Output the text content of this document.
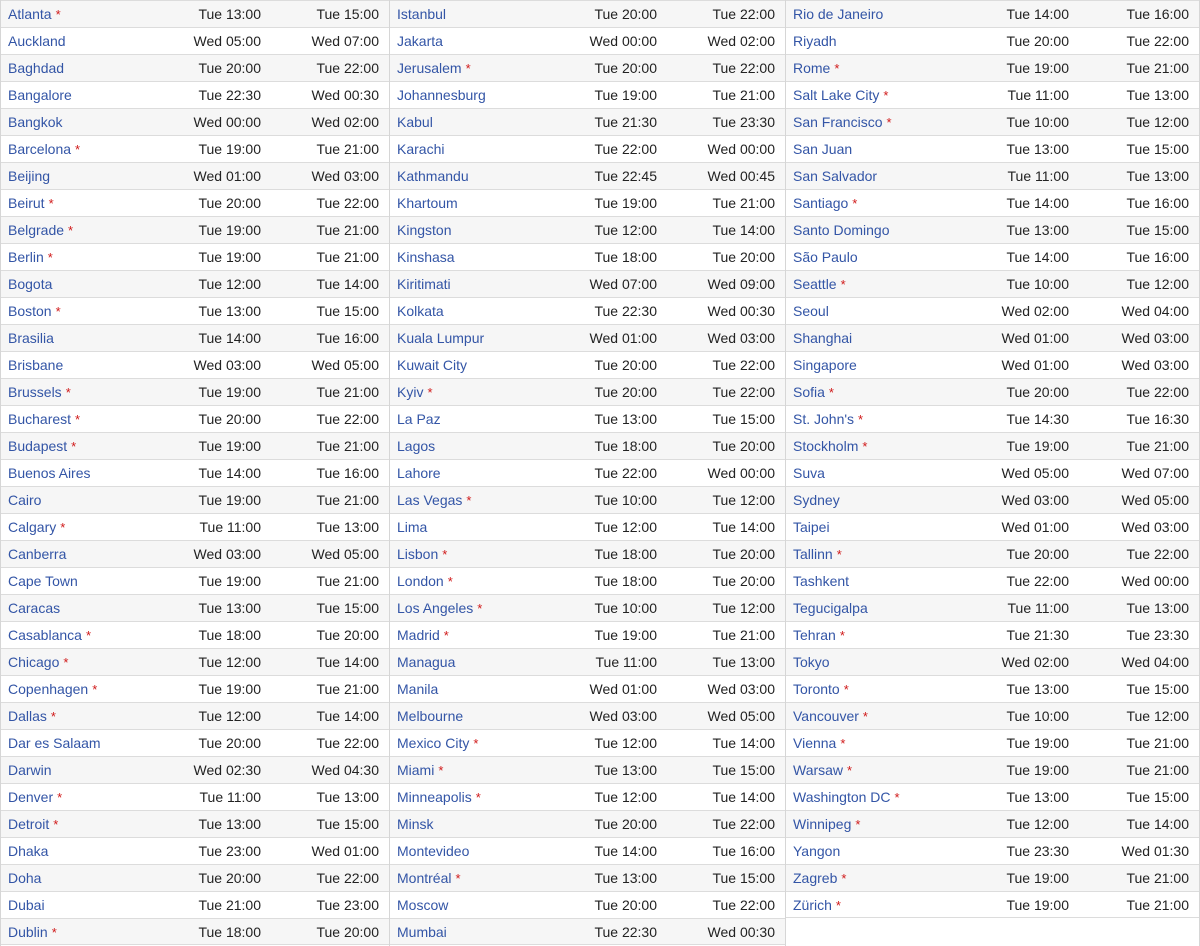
Atlanta *	Tue 13:00	Tue 15:00
Auckland	Wed 05:00	Wed 07:00
Baghdad	Tue 20:00	Tue 22:00
Bangalore	Tue 22:30	Wed 00:30
Bangkok	Wed 00:00	Wed 02:00
Barcelona *	Tue 19:00	Tue 21:00
Beijing	Wed 01:00	Wed 03:00
Beirut *	Tue 20:00	Tue 22:00
Belgrade *	Tue 19:00	Tue 21:00
Berlin *	Tue 19:00	Tue 21:00
Bogota	Tue 12:00	Tue 14:00
Boston *	Tue 13:00	Tue 15:00
Brasilia	Tue 14:00	Tue 16:00
Brisbane	Wed 03:00	Wed 05:00
Brussels *	Tue 19:00	Tue 21:00
Bucharest *	Tue 20:00	Tue 22:00
Budapest *	Tue 19:00	Tue 21:00
Buenos Aires	Tue 14:00	Tue 16:00
Cairo	Tue 19:00	Tue 21:00
Calgary *	Tue 11:00	Tue 13:00
Canberra	Wed 03:00	Wed 05:00
Cape Town	Tue 19:00	Tue 21:00
Caracas	Tue 13:00	Tue 15:00
Casablanca *	Tue 18:00	Tue 20:00
Chicago *	Tue 12:00	Tue 14:00
Copenhagen *	Tue 19:00	Tue 21:00
Dallas *	Tue 12:00	Tue 14:00
Dar es Salaam	Tue 20:00	Tue 22:00
Darwin	Wed 02:30	Wed 04:30
Denver *	Tue 11:00	Tue 13:00
Detroit *	Tue 13:00	Tue 15:00
Dhaka	Tue 23:00	Wed 01:00
Doha	Tue 20:00	Tue 22:00
Dubai	Tue 21:00	Tue 23:00
Dublin *	Tue 18:00	Tue 20:00
Istanbul	Tue 20:00	Tue 22:00
Jakarta	Wed 00:00	Wed 02:00
Jerusalem *	Tue 20:00	Tue 22:00
Johannesburg	Tue 19:00	Tue 21:00
Kabul	Tue 21:30	Tue 23:30
Karachi	Tue 22:00	Wed 00:00
Kathmandu	Tue 22:45	Wed 00:45
Khartoum	Tue 19:00	Tue 21:00
Kingston	Tue 12:00	Tue 14:00
Kinshasa	Tue 18:00	Tue 20:00
Kiritimati	Wed 07:00	Wed 09:00
Kolkata	Tue 22:30	Wed 00:30
Kuala Lumpur	Wed 01:00	Wed 03:00
Kuwait City	Tue 20:00	Tue 22:00
Kyiv *	Tue 20:00	Tue 22:00
La Paz	Tue 13:00	Tue 15:00
Lagos	Tue 18:00	Tue 20:00
Lahore	Tue 22:00	Wed 00:00
Las Vegas *	Tue 10:00	Tue 12:00
Lima	Tue 12:00	Tue 14:00
Lisbon *	Tue 18:00	Tue 20:00
London *	Tue 18:00	Tue 20:00
Los Angeles *	Tue 10:00	Tue 12:00
Madrid *	Tue 19:00	Tue 21:00
Managua	Tue 11:00	Tue 13:00
Manila	Wed 01:00	Wed 03:00
Melbourne	Wed 03:00	Wed 05:00
Mexico City *	Tue 12:00	Tue 14:00
Miami *	Tue 13:00	Tue 15:00
Minneapolis *	Tue 12:00	Tue 14:00
Minsk	Tue 20:00	Tue 22:00
Montevideo	Tue 14:00	Tue 16:00
Montréal *	Tue 13:00	Tue 15:00
Moscow	Tue 20:00	Tue 22:00
Mumbai	Tue 22:30	Wed 00:30
Rio de Janeiro	Tue 14:00	Tue 16:00
Riyadh	Tue 20:00	Tue 22:00
Rome *	Tue 19:00	Tue 21:00
Salt Lake City *	Tue 11:00	Tue 13:00
San Francisco *	Tue 10:00	Tue 12:00
San Juan	Tue 13:00	Tue 15:00
San Salvador	Tue 11:00	Tue 13:00
Santiago *	Tue 14:00	Tue 16:00
Santo Domingo	Tue 13:00	Tue 15:00
São Paulo	Tue 14:00	Tue 16:00
Seattle *	Tue 10:00	Tue 12:00
Seoul	Wed 02:00	Wed 04:00
Shanghai	Wed 01:00	Wed 03:00
Singapore	Wed 01:00	Wed 03:00
Sofia *	Tue 20:00	Tue 22:00
St. John's *	Tue 14:30	Tue 16:30
Stockholm *	Tue 19:00	Tue 21:00
Suva	Wed 05:00	Wed 07:00
Sydney	Wed 03:00	Wed 05:00
Taipei	Wed 01:00	Wed 03:00
Tallinn *	Tue 20:00	Tue 22:00
Tashkent	Tue 22:00	Wed 00:00
Tegucigalpa	Tue 11:00	Tue 13:00
Tehran *	Tue 21:30	Tue 23:30
Tokyo	Wed 02:00	Wed 04:00
Toronto *	Tue 13:00	Tue 15:00
Vancouver *	Tue 10:00	Tue 12:00
Vienna *	Tue 19:00	Tue 21:00
Warsaw *	Tue 19:00	Tue 21:00
Washington DC *	Tue 13:00	Tue 15:00
Winnipeg *	Tue 12:00	Tue 14:00
Yangon	Tue 23:30	Wed 01:30
Zagreb *	Tue 19:00	Tue 21:00
Zürich *	Tue 19:00	Tue 21:00
